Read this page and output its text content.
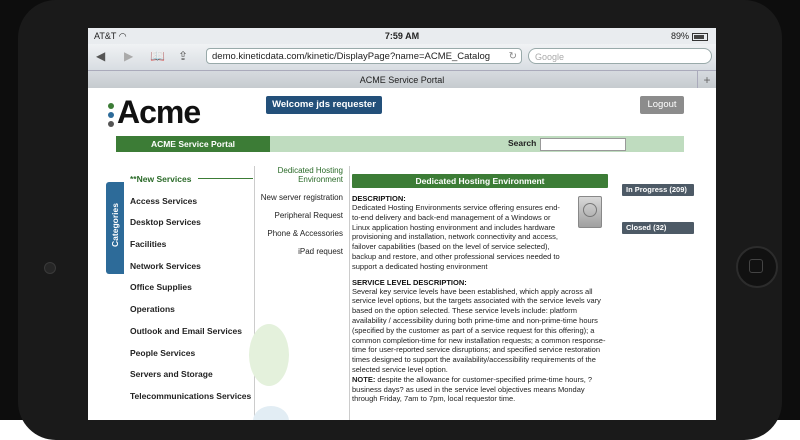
AT&T ◠	7:59 AM	89%
◀ ▶ 📖 ⇪	demo.kineticdata.com/kinetic/DisplayPage?name=ACME_Catalog ↻	Google
ACME Service Portal	+
Acme	Welcome jds requester	Logout
ACME Service Portal	Search
Categories
**New Services
Access Services
Desktop Services
Facilities
Network Services
Office Supplies
Operations
Outlook and Email Services
People Services
Servers and Storage
Telecommunications Services
Dedicated Hosting Environment
New server registration
Peripheral Request
Phone & Accessories
iPad request
Dedicated Hosting Environment
DESCRIPTION:
Dedicated Hosting Environments service offering ensures end-to-end delivery and back-end management of a Windows or Linux application hosting environment and includes hardware provisioning and installation, network connectivity and access, failover capabilities (based on the level of service selected), backup and restore, and other professional services needed to support a dedicated hosting environment
SERVICE LEVEL DESCRIPTION:
Several key service levels have been established, which apply across all service level options, but the targets associated with the service levels vary based on the option selected. These service levels include: platform availability / accessibility during both prime-time and non-prime-time hours (specified by the customer as part of a service request for this offering); a common completion-time for new installation requests; a common response-time for user-reported service disruptions; and specified service restoration times designed to support the availability/accessibility requirements of the selected service level option.
NOTE: despite the allowance for customer-specified prime-time hours, ? business days? as used in the service level objectives means Monday through Friday, 7am to 7pm, local requestor time.
In Progress (209)
Closed (32)
